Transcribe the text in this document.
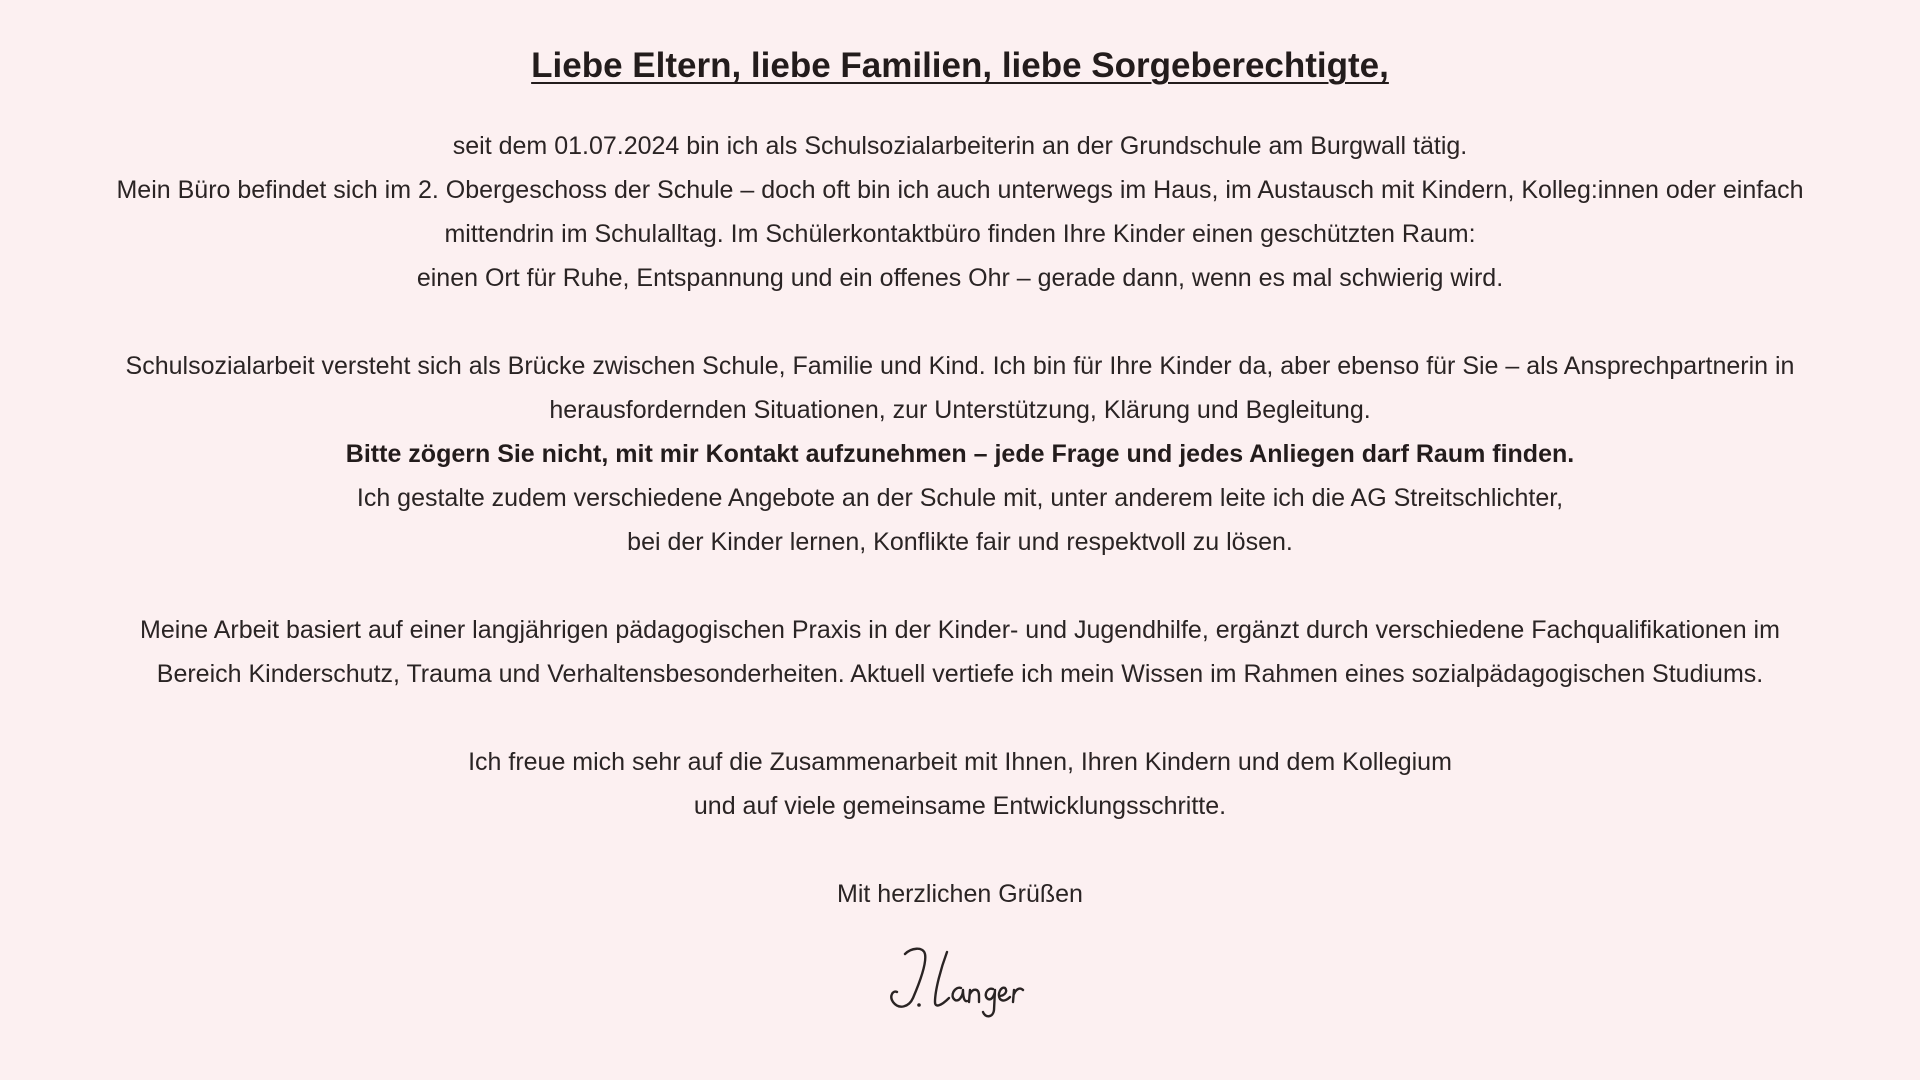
Liebe Eltern, liebe Familien, liebe Sorgeberechtigte,
seit dem 01.07.2024 bin ich als Schulsozialarbeiterin an der Grundschule am Burgwall tätig.
Mein Büro befindet sich im 2. Obergeschoss der Schule – doch oft bin ich auch unterwegs im Haus, im Austausch mit Kindern, Kolleg:innen oder einfach
mittendrin im Schulalltag. Im Schülerkontaktbüro finden Ihre Kinder einen geschützten Raum:
einen Ort für Ruhe, Entspannung und ein offenes Ohr – gerade dann, wenn es mal schwierig wird.
Schulsozialarbeit versteht sich als Brücke zwischen Schule, Familie und Kind. Ich bin für Ihre Kinder da, aber ebenso für Sie – als Ansprechpartnerin in
herausfordernden Situationen, zur Unterstützung, Klärung und Begleitung.
Bitte zögern Sie nicht, mit mir Kontakt aufzunehmen – jede Frage und jedes Anliegen darf Raum finden.
Ich gestalte zudem verschiedene Angebote an der Schule mit, unter anderem leite ich die AG Streitschlichter,
bei der Kinder lernen, Konflikte fair und respektvoll zu lösen.
Meine Arbeit basiert auf einer langjährigen pädagogischen Praxis in der Kinder- und Jugendhilfe, ergänzt durch verschiedene Fachqualifikationen im
Bereich Kinderschutz, Trauma und Verhaltensbesonderheiten. Aktuell vertiefe ich mein Wissen im Rahmen eines sozialpädagogischen Studiums.
Ich freue mich sehr auf die Zusammenarbeit mit Ihnen, Ihren Kindern und dem Kollegium
und auf viele gemeinsame Entwicklungsschritte.
Mit herzlichen Grüßen
